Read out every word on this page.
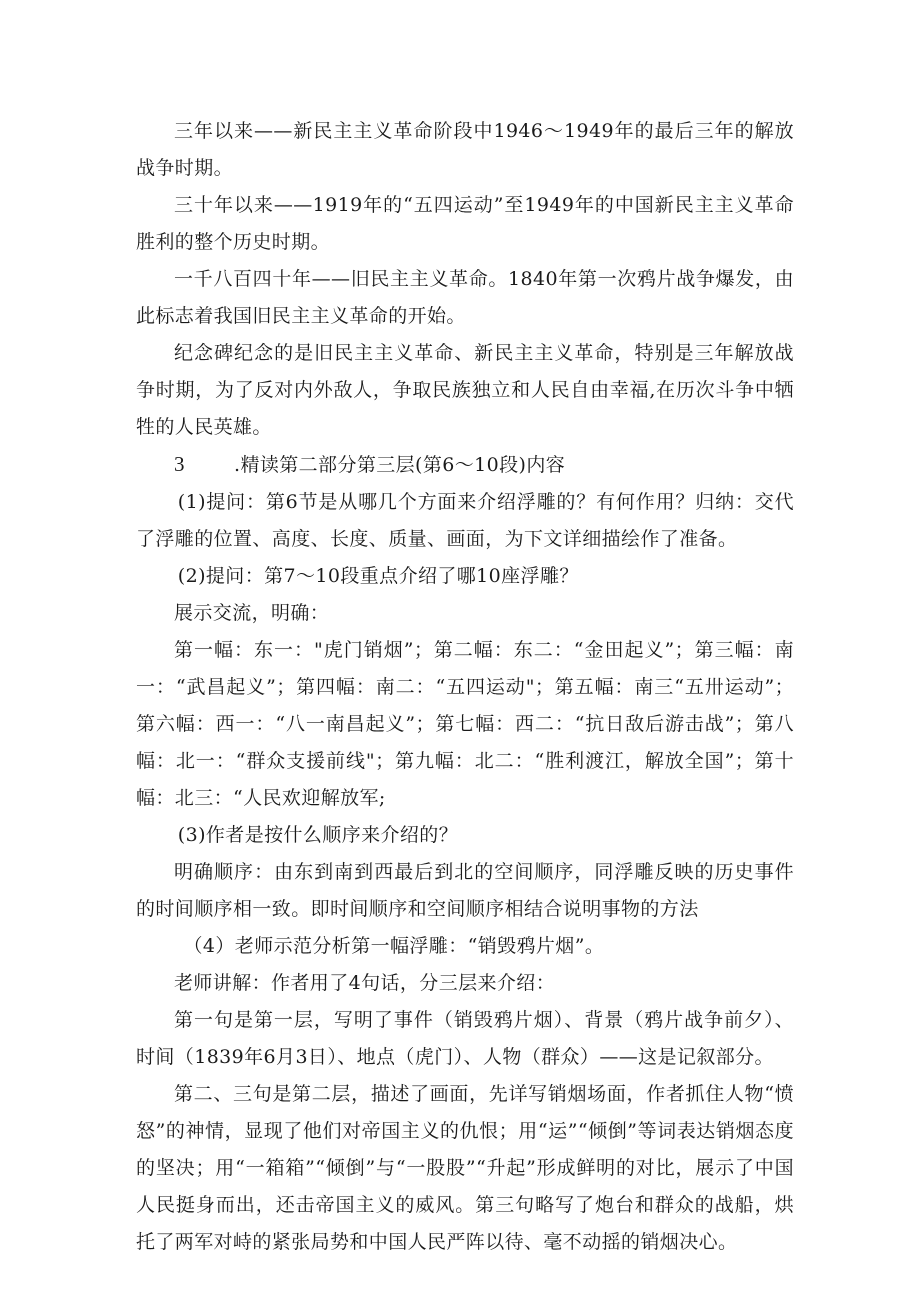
三年以来——新民主主义革命阶段中1946～1949年的最后三年的解放战争时期。

三十年以来——1919年的“五四运动”至1949年的中国新民主主义革命胜利的整个历史时期。

一千八百四十年——旧民主主义革命。1840年第一次鸦片战争爆发，由此标志着我国旧民主主义革命的开始。

纪念碑纪念的是旧民主主义革命、新民主主义革命，特别是三年解放战争时期，为了反对内外敌人，争取民族独立和人民自由幸福,在历次斗争中牺牲的人民英雄。

3	.精读第二部分第三层(第6～10段)内容

(1)提问：第6节是从哪几个方面来介绍浮雕的？有何作用？归纳：交代了浮雕的位置、高度、长度、质量、画面，为下文详细描绘作了准备。

(2)提问：第7～10段重点介绍了哪10座浮雕？

展示交流，明确：

第一幅：东一："虎门销烟”；第二幅：东二：“金田起义”；第三幅：南一：“武昌起义”；第四幅：南二：“五四运动"；第五幅：南三“五卅运动”；第六幅：西一：“八一南昌起义”；第七幅：西二：“抗日敌后游击战”；第八幅：北一：“群众支援前线"；第九幅：北二：“胜利渡江，解放全国”；第十幅：北三：“人民欢迎解放军;

(3)作者是按什么顺序来介绍的？

明确顺序：由东到南到西最后到北的空间顺序，同浮雕反映的历史事件的时间顺序相一致。即时间顺序和空间顺序相结合说明事物的方法

（4）老师示范分析第一幅浮雕：“销毁鸦片烟”。

老师讲解：作者用了4句话，分三层来介绍：

第一句是第一层，写明了事件（销毁鸦片烟）、背景（鸦片战争前夕）、时间（1839年6月3日）、地点（虎门）、人物（群众）——这是记叙部分。

第二、三句是第二层，描述了画面，先详写销烟场面，作者抓住人物“愤怒”的神情，显现了他们对帝国主义的仇恨；用“运”“倾倒”等词表达销烟态度的坚决；用“一箱箱”“倾倒”与“一股股”“升起”形成鲜明的对比，展示了中国人民挺身而出，还击帝国主义的威风。第三句略写了炮台和群众的战船，烘托了两军对峙的紧张局势和中国人民严阵以待、毫不动摇的销烟决心。
